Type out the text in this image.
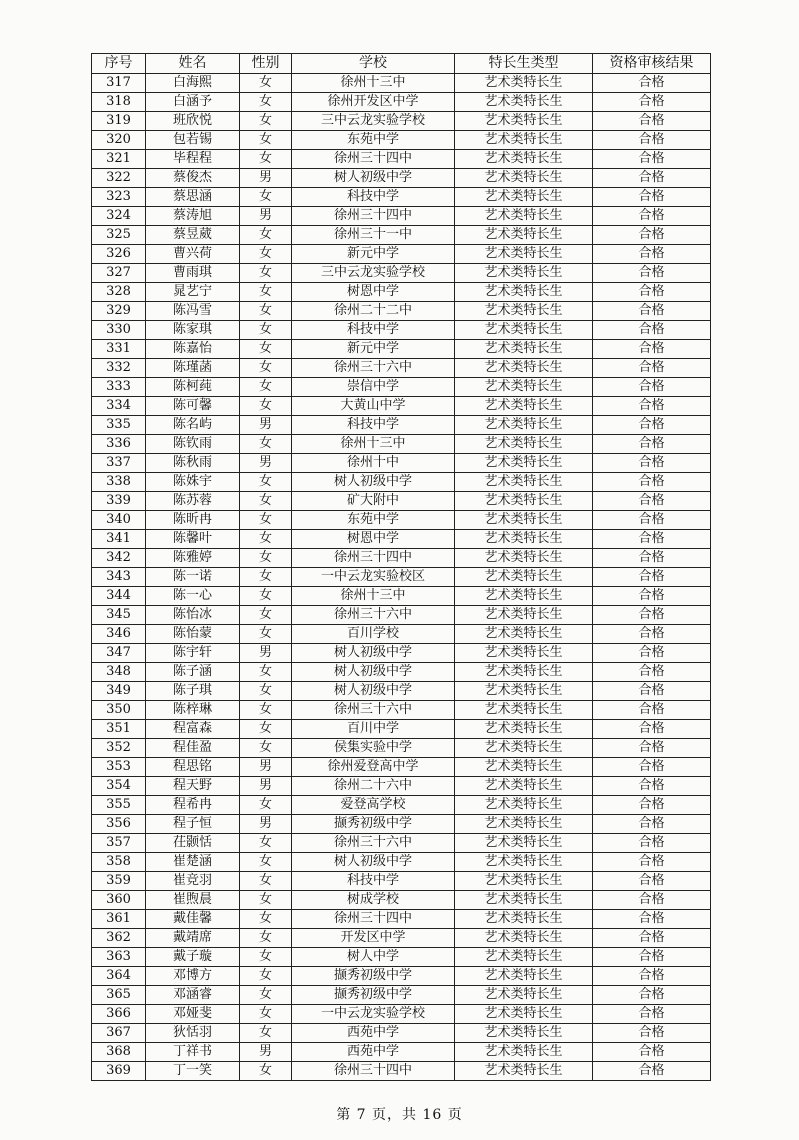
序号	姓名	性别	学校	特长生类型	资格审核结果
317	白海熙	女	徐州十三中	艺术类特长生	合格
318	白涵予	女	徐州开发区中学	艺术类特长生	合格
319	班欣悦	女	三中云龙实验学校	艺术类特长生	合格
320	包若锡	女	东苑中学	艺术类特长生	合格
321	毕程程	女	徐州三十四中	艺术类特长生	合格
322	蔡俊杰	男	树人初级中学	艺术类特长生	合格
323	蔡思涵	女	科技中学	艺术类特长生	合格
324	蔡涛旭	男	徐州三十四中	艺术类特长生	合格
325	蔡昱葳	女	徐州三十一中	艺术类特长生	合格
326	曹兴荷	女	新元中学	艺术类特长生	合格
327	曹雨琪	女	三中云龙实验学校	艺术类特长生	合格
328	晁艺宁	女	树恩中学	艺术类特长生	合格
329	陈冯雪	女	徐州二十二中	艺术类特长生	合格
330	陈家琪	女	科技中学	艺术类特长生	合格
331	陈嘉怡	女	新元中学	艺术类特长生	合格
332	陈瑾菡	女	徐州三十六中	艺术类特长生	合格
333	陈柯莼	女	崇信中学	艺术类特长生	合格
334	陈可馨	女	大黄山中学	艺术类特长生	合格
335	陈名屿	男	科技中学	艺术类特长生	合格
336	陈钦雨	女	徐州十三中	艺术类特长生	合格
337	陈秋雨	男	徐州十中	艺术类特长生	合格
338	陈姝宇	女	树人初级中学	艺术类特长生	合格
339	陈苏蓉	女	矿大附中	艺术类特长生	合格
340	陈昕冉	女	东苑中学	艺术类特长生	合格
341	陈馨叶	女	树恩中学	艺术类特长生	合格
342	陈雅婷	女	徐州三十四中	艺术类特长生	合格
343	陈一诺	女	一中云龙实验校区	艺术类特长生	合格
344	陈一心	女	徐州十三中	艺术类特长生	合格
345	陈怡冰	女	徐州三十六中	艺术类特长生	合格
346	陈怡蒙	女	百川学校	艺术类特长生	合格
347	陈宇轩	男	树人初级中学	艺术类特长生	合格
348	陈子涵	女	树人初级中学	艺术类特长生	合格
349	陈子琪	女	树人初级中学	艺术类特长生	合格
350	陈梓琳	女	徐州三十六中	艺术类特长生	合格
351	程富森	女	百川中学	艺术类特长生	合格
352	程佳盈	女	侯集实验中学	艺术类特长生	合格
353	程思铭	男	徐州爱登高中学	艺术类特长生	合格
354	程天野	男	徐州二十六中	艺术类特长生	合格
355	程希冉	女	爱登高学校	艺术类特长生	合格
356	程子恒	男	撷秀初级中学	艺术类特长生	合格
357	茌颢恬	女	徐州三十六中	艺术类特长生	合格
358	崔楚涵	女	树人初级中学	艺术类特长生	合格
359	崔竞羽	女	科技中学	艺术类特长生	合格
360	崔煦晨	女	树成学校	艺术类特长生	合格
361	戴佳馨	女	徐州三十四中	艺术类特长生	合格
362	戴靖席	女	开发区中学	艺术类特长生	合格
363	戴子璇	女	树人中学	艺术类特长生	合格
364	邓博方	女	撷秀初级中学	艺术类特长生	合格
365	邓涵睿	女	撷秀初级中学	艺术类特长生	合格
366	邓娅斐	女	一中云龙实验学校	艺术类特长生	合格
367	狄恬羽	女	西苑中学	艺术类特长生	合格
368	丁祥书	男	西苑中学	艺术类特长生	合格
369	丁一笑	女	徐州三十四中	艺术类特长生	合格
第 7 页，共 16 页
